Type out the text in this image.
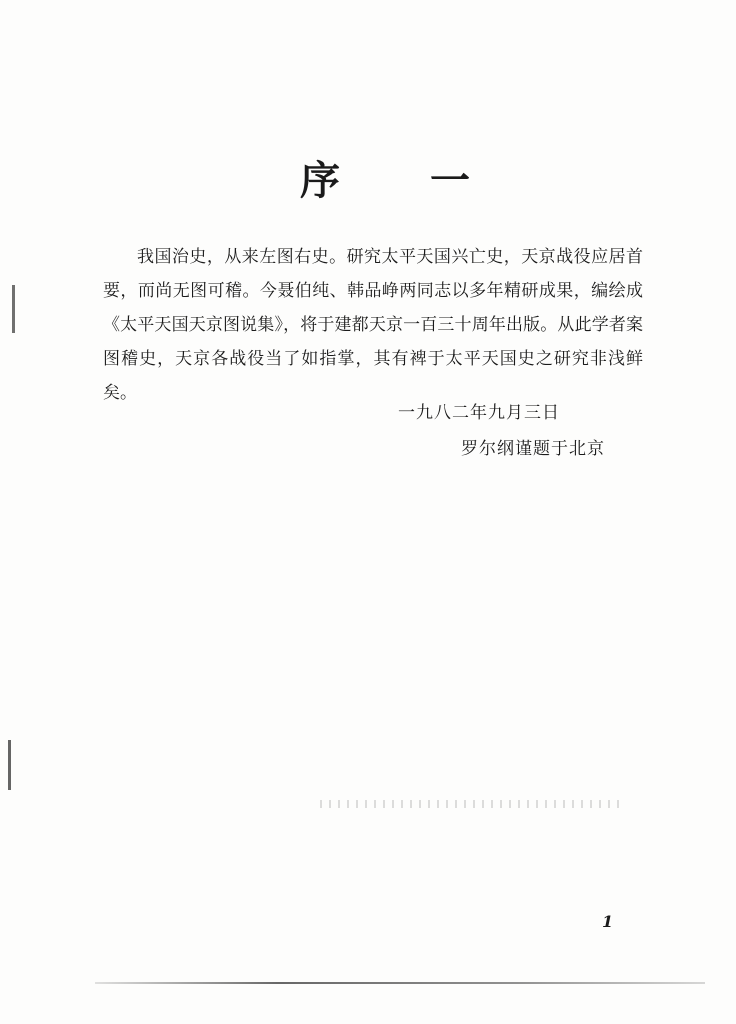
序 一

我国治史，从来左图右史。研究太平天国兴亡史，天京战役应居首要，而尚无图可稽。今聂伯纯、韩品峥两同志以多年精研成果，编绘成《太平天国天京图说集》，将于建都天京一百三十周年出版。从此学者案图稽史，天京各战役当了如指掌，其有裨于太平天国史之研究非浅鲜矣。

一九八二年九月三日
罗尔纲谨题于北京
1
